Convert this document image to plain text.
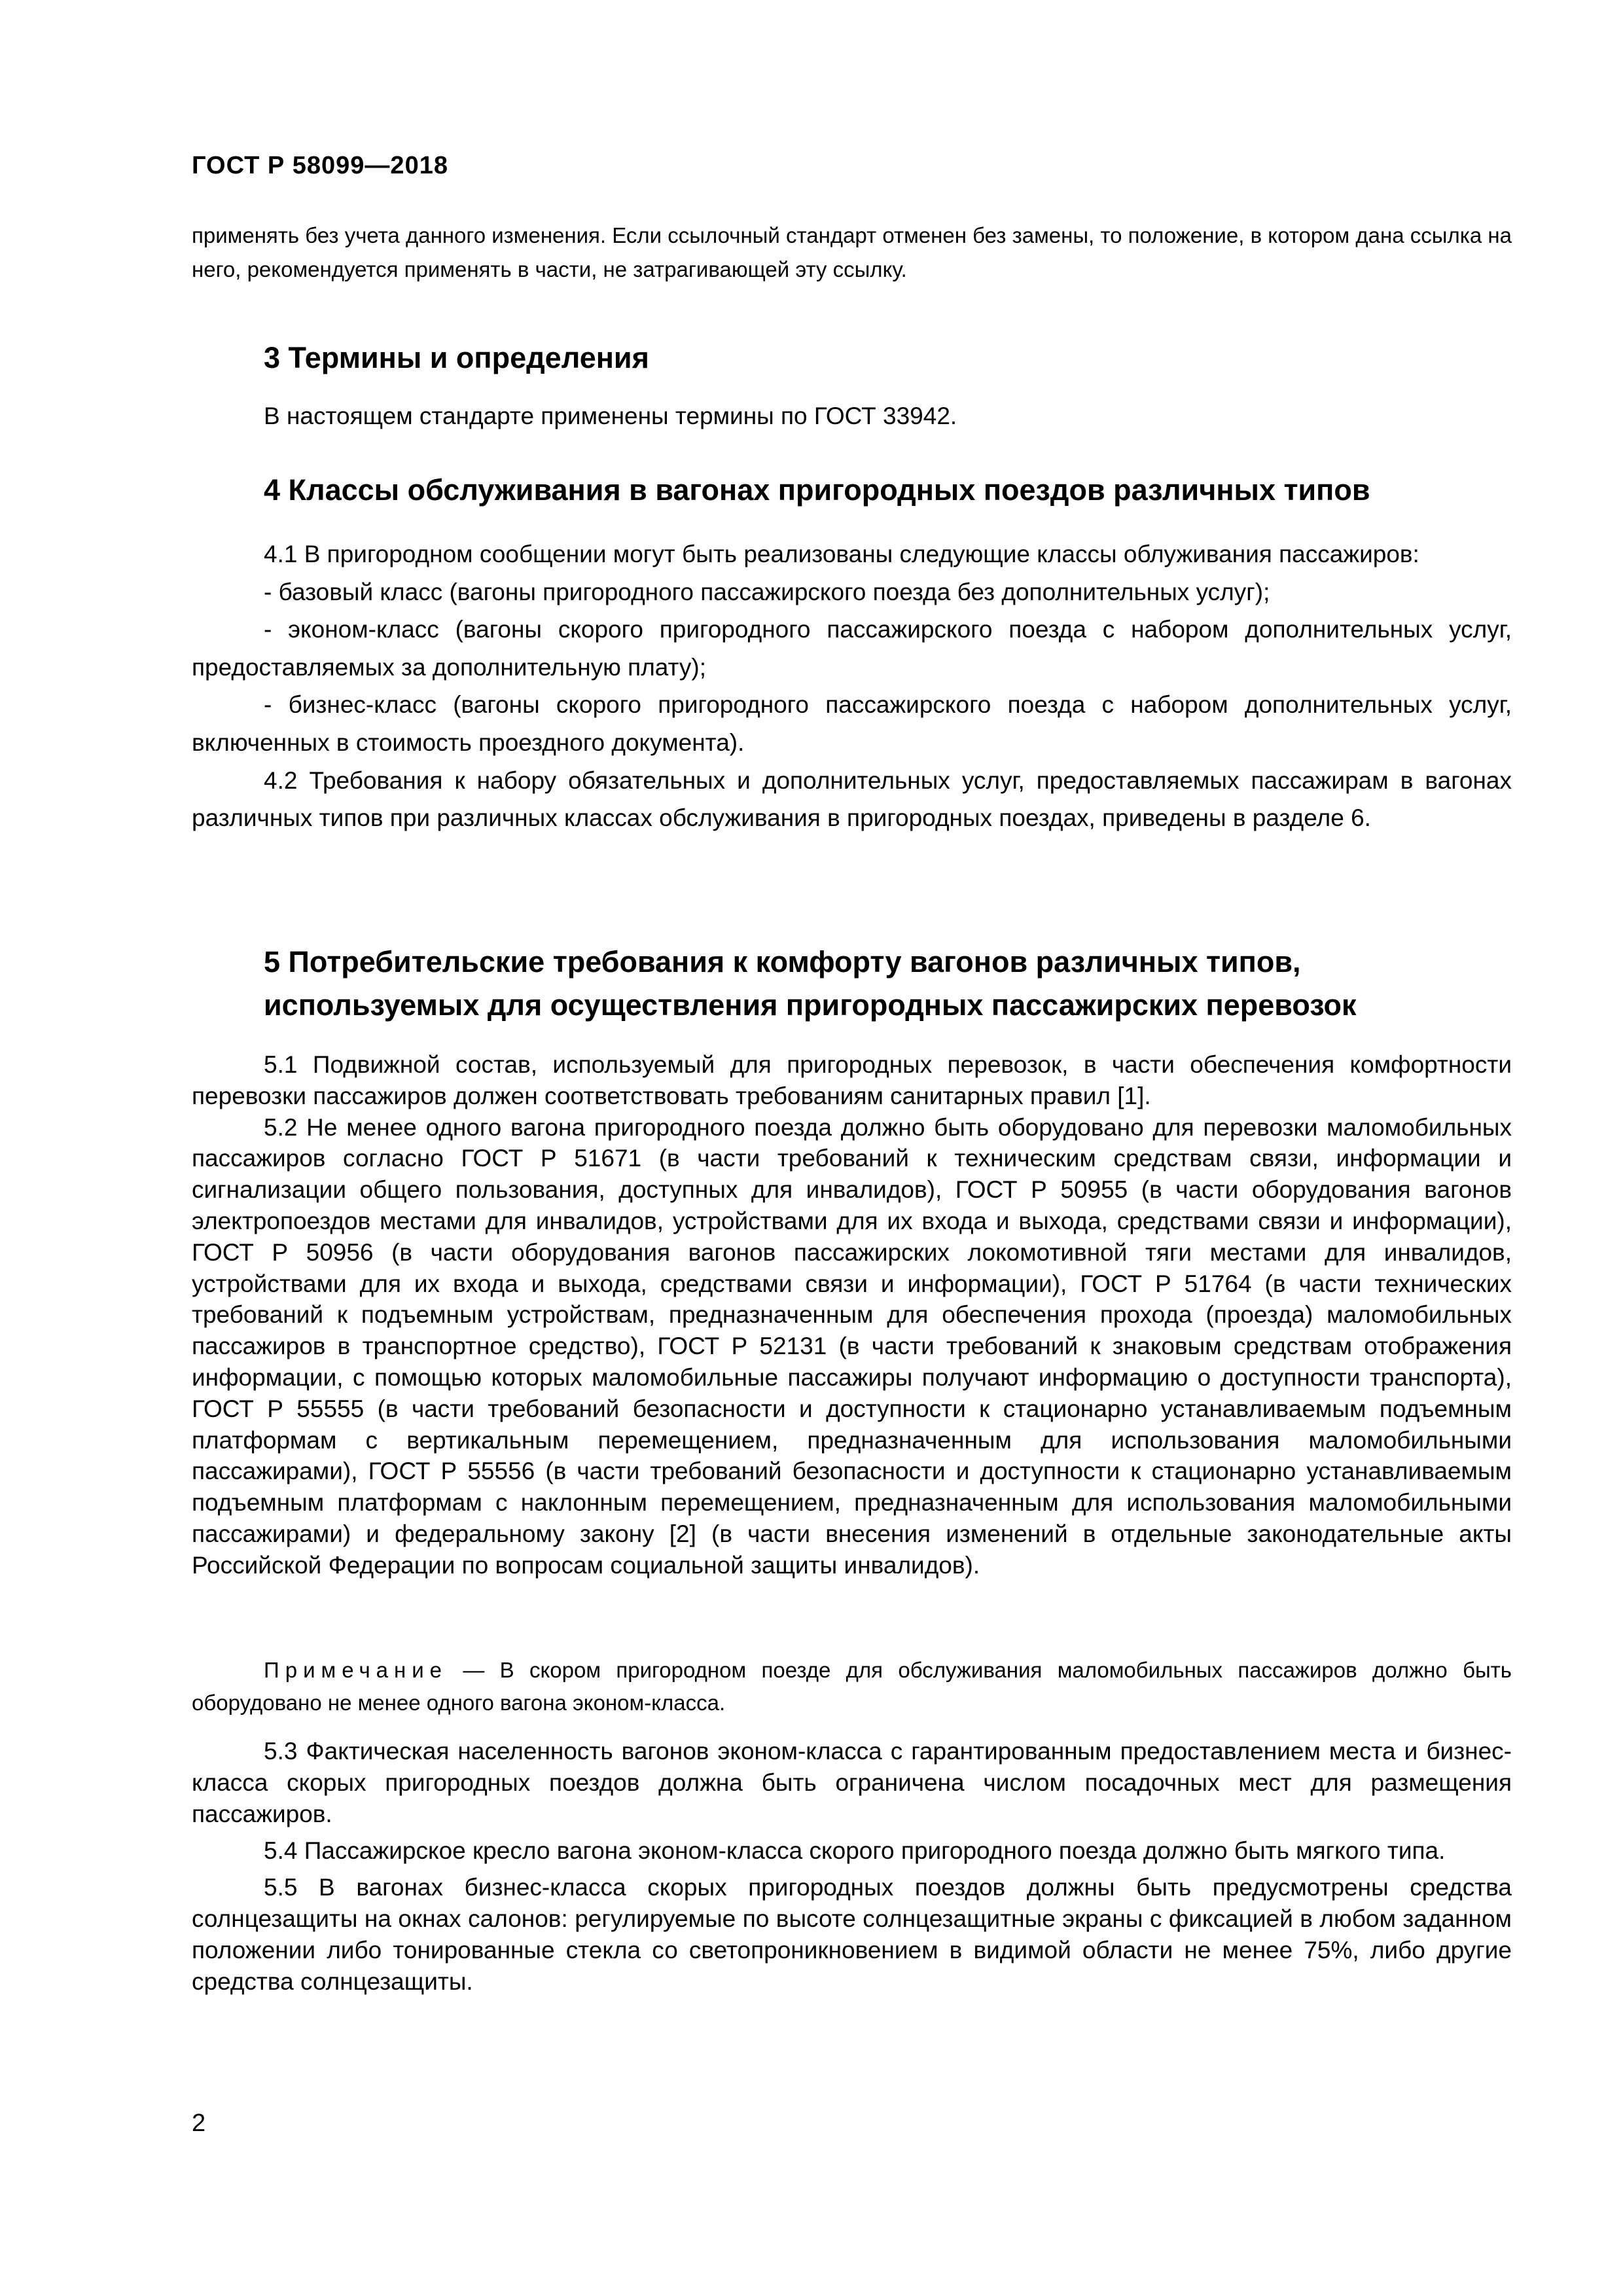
ГОСТ Р 58099—2018

применять без учета данного изменения. Если ссылочный стандарт отменен без замены, то положение, в котором дана ссылка на него, рекомендуется применять в части, не затрагивающей эту ссылку.

3 Термины и определения

В настоящем стандарте применены термины по ГОСТ 33942.

4 Классы обслуживания в вагонах пригородных поездов различных типов

4.1 В пригородном сообщении могут быть реализованы следующие классы облуживания пассажиров:

- базовый класс (вагоны пригородного пассажирского поезда без дополнительных услуг);

- эконом-класс (вагоны скорого пригородного пассажирского поезда с набором дополнительных услуг, предоставляемых за дополнительную плату);

- бизнес-класс (вагоны скорого пригородного пассажирского поезда с набором дополнительных услуг, включенных в стоимость проездного документа).

4.2 Требования к набору обязательных и дополнительных услуг, предоставляемых пассажирам в вагонах различных типов при различных классах обслуживания в пригородных поездах, приведены в разделе 6.

5 Потребительские требования к комфорту вагонов различных типов,
используемых для осуществления пригородных пассажирских перевозок

5.1 Подвижной состав, используемый для пригородных перевозок, в части обеспечения комфортности перевозки пассажиров должен соответствовать требованиям санитарных правил [1].

5.2 Не менее одного вагона пригородного поезда должно быть оборудовано для перевозки маломобильных пассажиров согласно ГОСТ Р 51671 (в части требований к техническим средствам связи, информации и сигнализации общего пользования, доступных для инвалидов), ГОСТ Р 50955 (в части оборудования вагонов электропоездов местами для инвалидов, устройствами для их входа и выхода, средствами связи и информации), ГОСТ Р 50956 (в части оборудования вагонов пассажирских локомотивной тяги местами для инвалидов, устройствами для их входа и выхода, средствами связи и информации), ГОСТ Р 51764 (в части технических требований к подъемным устройствам, предназначенным для обеспечения прохода (проезда) маломобильных пассажиров в транспортное средство), ГОСТ Р 52131 (в части требований к знаковым средствам отображения информации, с помощью которых маломобильные пассажиры получают информацию о доступности транспорта), ГОСТ Р 55555 (в части требований безопасности и доступности к стационарно устанавливаемым подъемным платформам с вертикальным перемещением, предназначенным для использования маломобильными пассажирами), ГОСТ Р 55556 (в части требований безопасности и доступности к стационарно устанавливаемым подъемным платформам с наклонным перемещением, предназначенным для использования маломобильными пассажирами) и федеральному закону [2] (в части внесения изменений в отдельные законодательные акты Российской Федерации по вопросам социальной защиты инвалидов).

Примечание — В скором пригородном поезде для обслуживания маломобильных пассажиров должно быть оборудовано не менее одного вагона эконом-класса.

5.3 Фактическая населенность вагонов эконом-класса с гарантированным предоставлением места и бизнес-класса скорых пригородных поездов должна быть ограничена числом посадочных мест для размещения пассажиров.

5.4 Пассажирское кресло вагона эконом-класса скорого пригородного поезда должно быть мягкого типа.

5.5 В вагонах бизнес-класса скорых пригородных поездов должны быть предусмотрены средства солнцезащиты на окнах салонов: регулируемые по высоте солнцезащитные экраны с фиксацией в любом заданном положении либо тонированные стекла со светопроникновением в видимой области не менее 75%, либо другие средства солнцезащиты.

2
